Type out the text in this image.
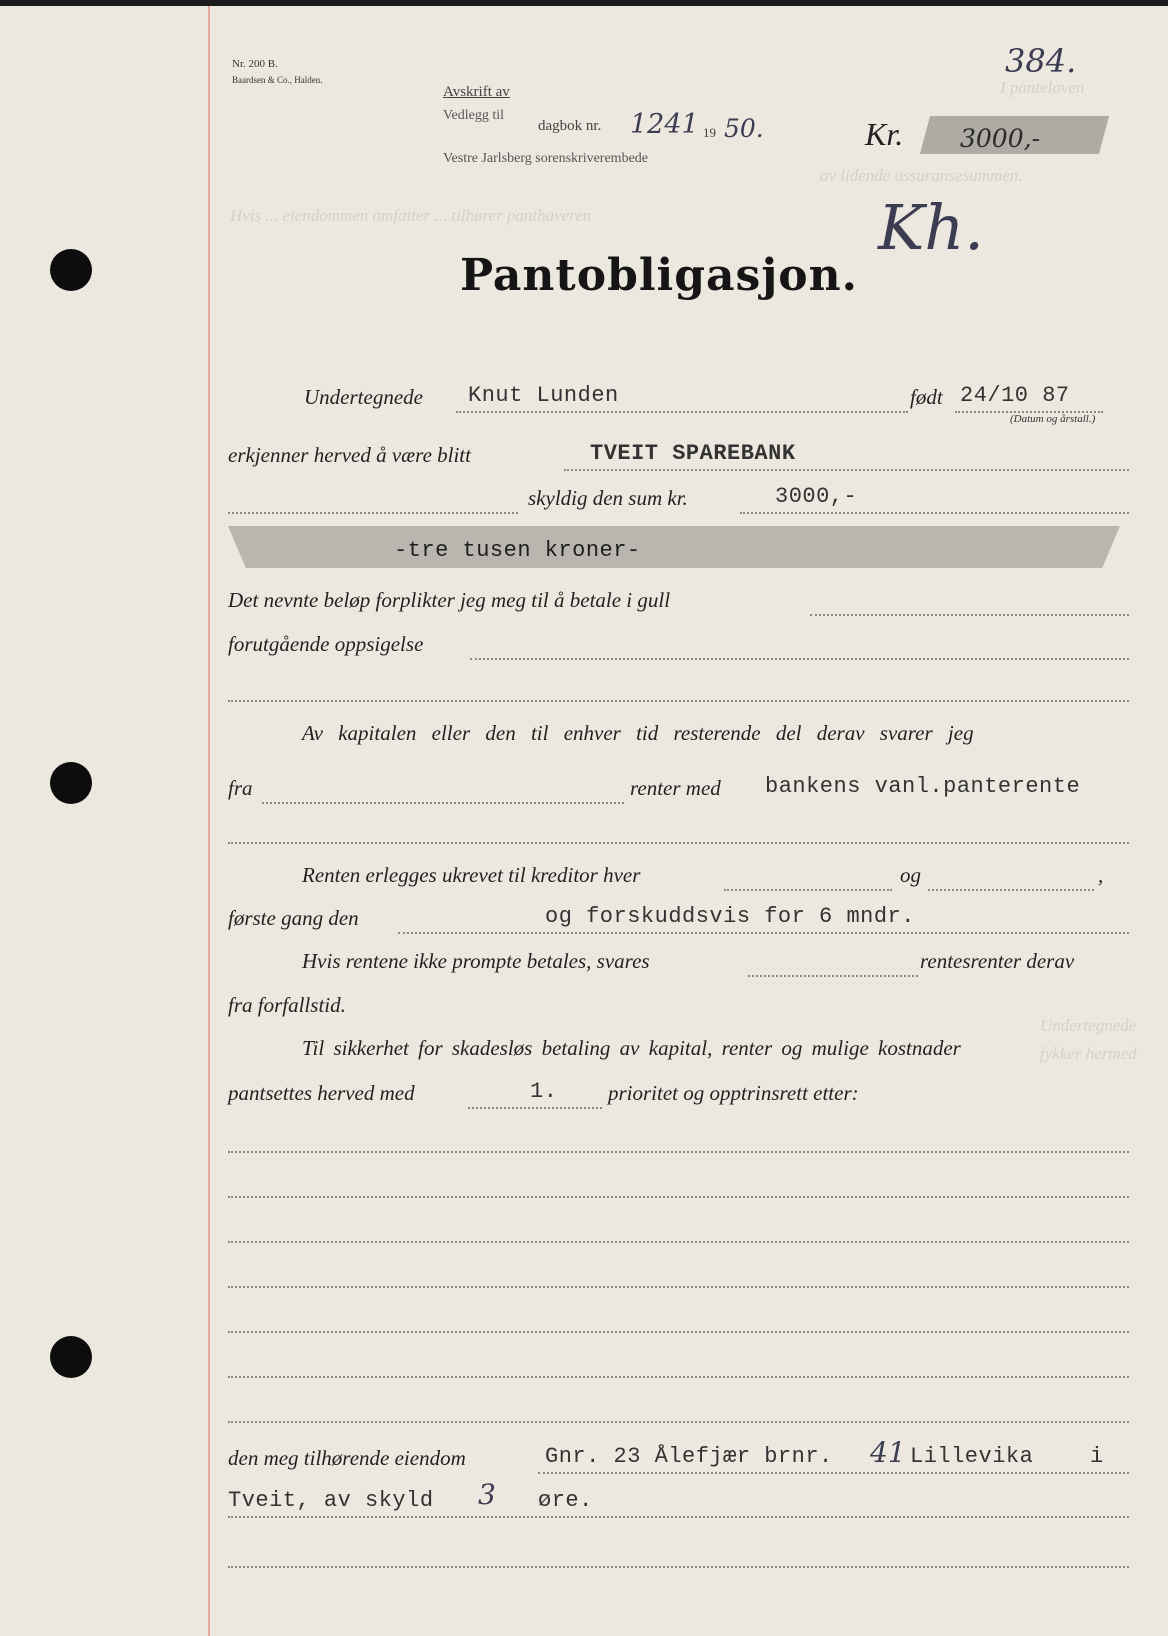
I panteloven
av lidende assuransesummen.
Hvis ... eiendommen omfatter ... tilhører panthaveren
Undertegnede
fykker hermed
Nr. 200 B.
Baardsen & Co., Halden.
Avskrift av
Vedlegg til
Vestre Jarlsberg sorenskriverembede
dagbok nr. 1241 19 50.
384.
Kr. 3000,-
Kh.
Pantobligasjon.
Undertegnede Knut Lunden	født 24/10 87
(Datum og årstall.)
erkjenner herved å være blitt	TVEIT SPAREBANK
skyldig den sum kr.	3000,-
-tre tusen kroner-
Det nevnte beløp forplikter jeg meg til å betale i gull
forutgående oppsigelse
Av kapitalen eller den til enhver tid resterende del derav svarer jeg
fra	renter med bankens vanl.panterente
Renten erlegges ukrevet til kreditor hver	og	,
første gang den	og forskuddsvis for 6 mndr.
Hvis rentene ikke prompte betales, svares	rentesrenter derav
fra forfallstid.
Til sikkerhet for skadesløs betaling av kapital, renter og mulige kostnader
pantsettes herved med	1. prioritet og opptrinsrett etter:
den meg tilhørende eiendom	Gnr. 23 Ålefjær brnr. 41 Lillevika	i
Tveit, av skyld 3 øre.
